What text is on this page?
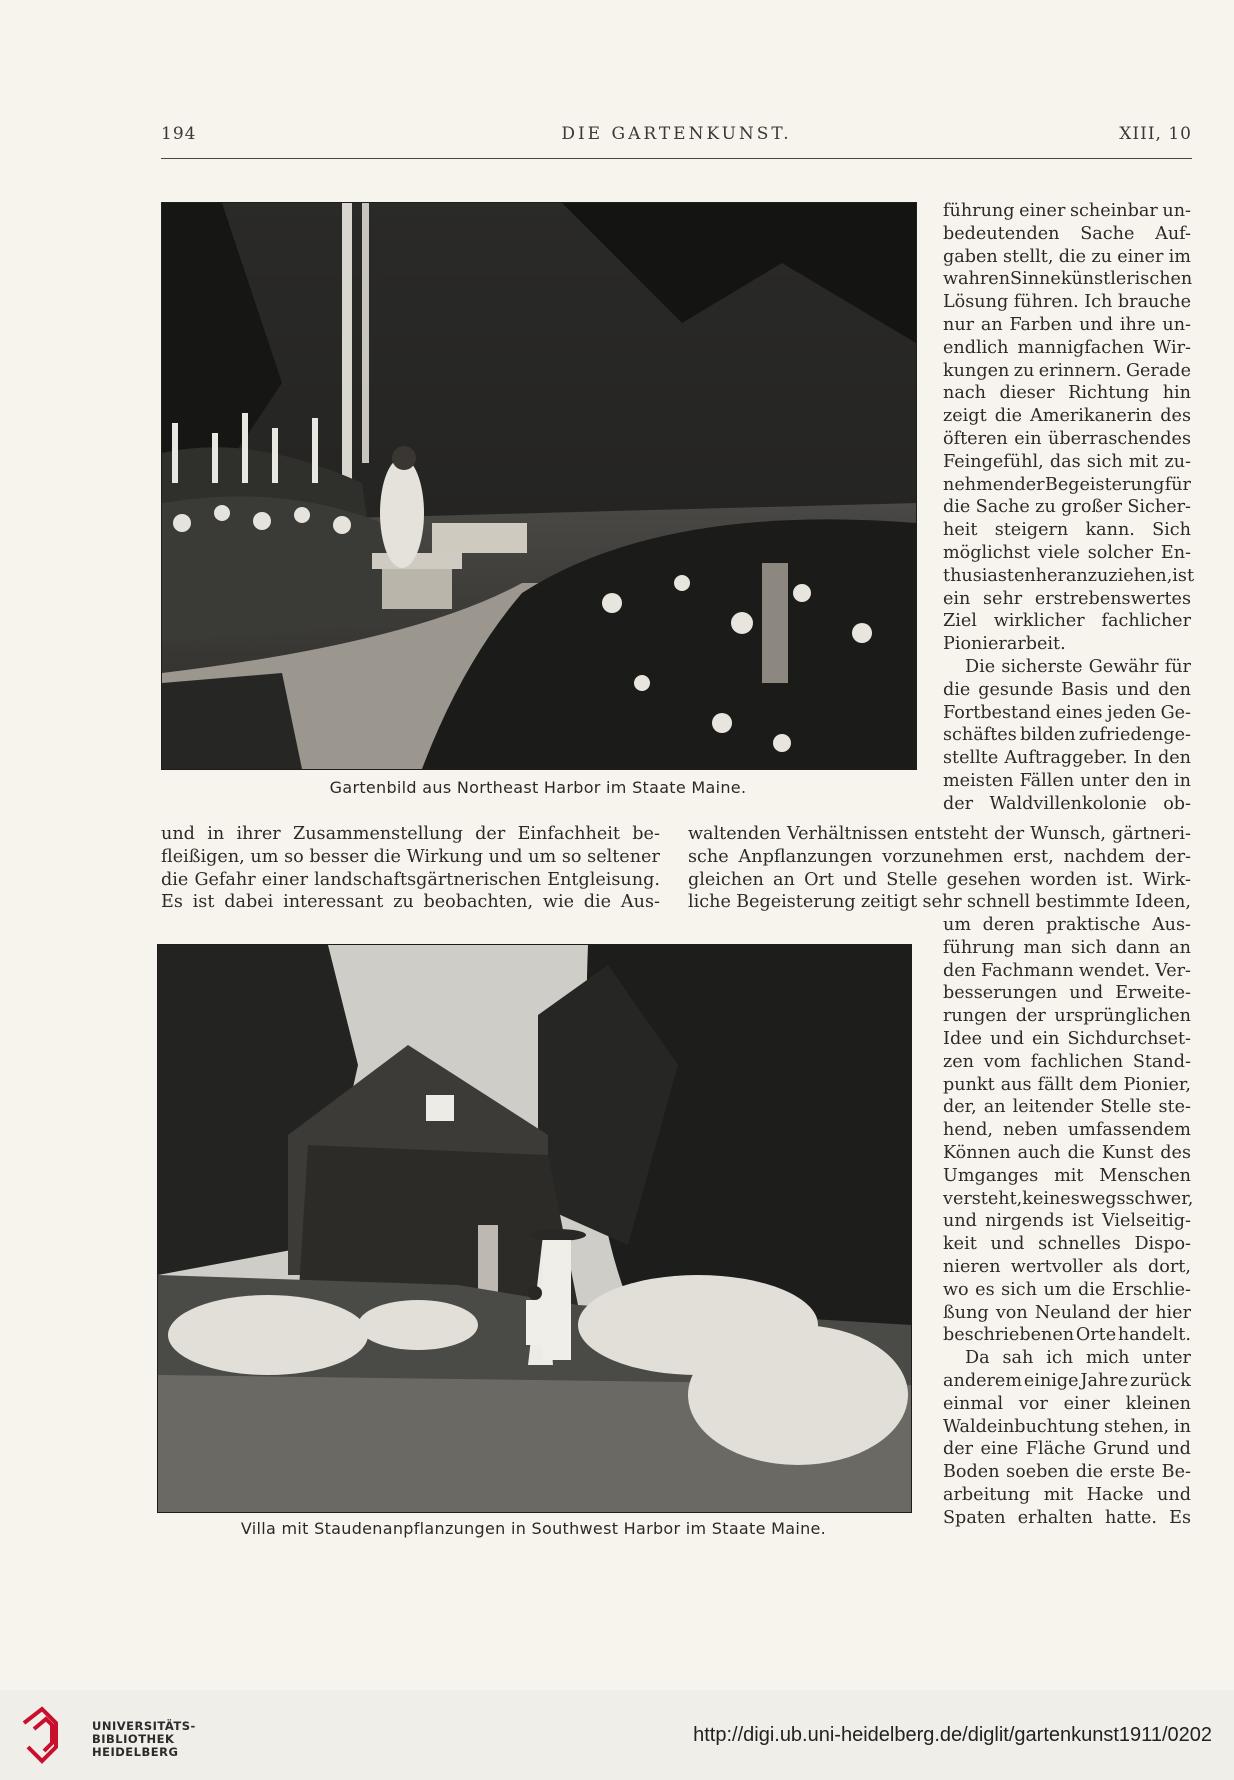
194	DIE GARTENKUNST.	XIII, 10
Gartenbild aus Northeast Harbor im Staate Maine.
führung einer scheinbar un-
bedeutenden Sache Auf-
gaben stellt, die zu einer im
wahren Sinne künstlerischen
Lösung führen. Ich brauche
nur an Farben und ihre un-
endlich mannigfachen Wir-
kungen zu erinnern. Gerade
nach dieser Richtung hin
zeigt die Amerikanerin des
öfteren ein überraschendes
Feingefühl, das sich mit zu-
nehmender Begeisterung für
die Sache zu großer Sicher-
heit steigern kann. Sich
möglichst viele solcher En-
thusiasten heranzuziehen, ist
ein sehr erstrebenswertes
Ziel wirklicher fachlicher
Pionierarbeit.
Die sicherste Gewähr für
die gesunde Basis und den
Fortbestand eines jeden Ge-
schäftes bilden zufriedenge-
stellte Auftraggeber. In den
meisten Fällen unter den in
der Waldvillenkolonie ob-
und in ihrer Zusammenstellung der Einfachheit be-
fleißigen, um so besser die Wirkung und um so seltener
die Gefahr einer landschaftsgärtnerischen Entgleisung.
Es ist dabei interessant zu beobachten, wie die Aus-
waltenden Verhältnissen entsteht der Wunsch, gärtneri-
sche Anpflanzungen vorzunehmen erst, nachdem der-
gleichen an Ort und Stelle gesehen worden ist. Wirk-
liche Begeisterung zeitigt sehr schnell bestimmte Ideen,
Villa mit Staudenanpflanzungen in Southwest Harbor im Staate Maine.
um deren praktische Aus-
führung man sich dann an
den Fachmann wendet. Ver-
besserungen und Erweite-
rungen der ursprünglichen
Idee und ein Sichdurchset-
zen vom fachlichen Stand-
punkt aus fällt dem Pionier,
der, an leitender Stelle ste-
hend, neben umfassendem
Können auch die Kunst des
Umganges mit Menschen
versteht, keineswegs schwer,
und nirgends ist Vielseitig-
keit und schnelles Dispo-
nieren wertvoller als dort,
wo es sich um die Erschlie-
ßung von Neuland der hier
beschriebenen Orte handelt.
Da sah ich mich unter
anderem einige Jahre zurück
einmal vor einer kleinen
Waldeinbuchtung stehen, in
der eine Fläche Grund und
Boden soeben die erste Be-
arbeitung mit Hacke und
Spaten erhalten hatte. Es
UNIVERSITÄTS-
BIBLIOTHEK
HEIDELBERG
http://digi.ub.uni-heidelberg.de/diglit/gartenkunst1911/0202
